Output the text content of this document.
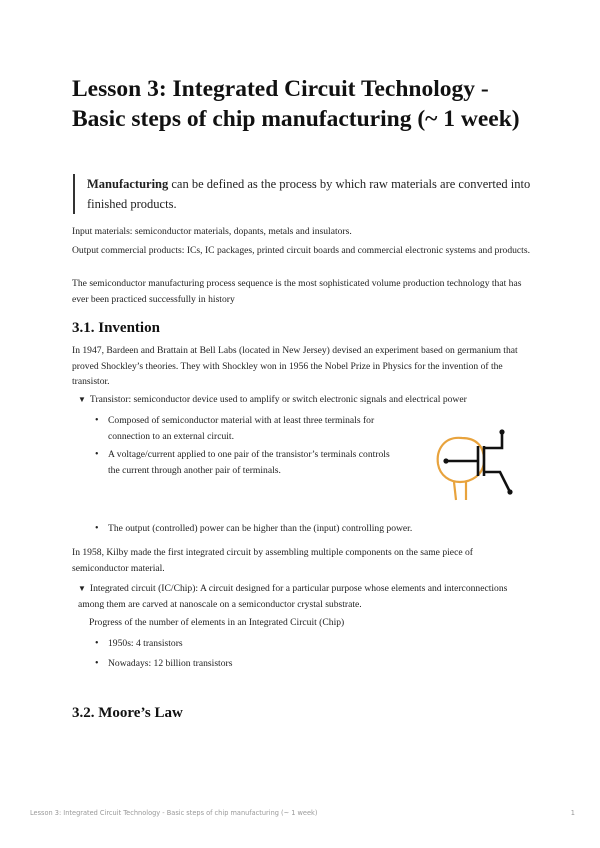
Lesson 3: Integrated Circuit Technology - Basic steps of chip manufacturing (~ 1 week)
Manufacturing can be defined as the process by which raw materials are converted into finished products.
Input materials: semiconductor materials, dopants, metals and insulators.
Output commercial products: ICs, IC packages, printed circuit boards and commercial electronic systems and products.
The semiconductor manufacturing process sequence is the most sophisticated volume production technology that has ever been practiced successfully in history
3.1. Invention
In 1947, Bardeen and Brattain at Bell Labs (located in New Jersey) devised an experiment based on germanium that proved Shockley’s theories. They with Shockley won in 1956 the Nobel Prize in Physics for the invention of the transistor.
▼ Transistor: semiconductor device used to amplify or switch electronic signals and electrical power
• Composed of semiconductor material with at least three terminals for connection to an external circuit.
• A voltage/current applied to one pair of the transistor’s terminals controls the current through another pair of terminals.
• The output (controlled) power can be higher than the (input) controlling power.
In 1958, Kilby made the first integrated circuit by assembling multiple components on the same piece of semiconductor material.
▼ Integrated circuit (IC/Chip): A circuit designed for a particular purpose whose elements and interconnections among them are carved at nanoscale on a semiconductor crystal substrate.
Progress of the number of elements in an Integrated Circuit (Chip)
• 1950s: 4 transistors
• Nowadays: 12 billion transistors
3.2. Moore’s Law
Lesson 3: Integrated Circuit Technology - Basic steps of chip manufacturing (~ 1 week)	1
